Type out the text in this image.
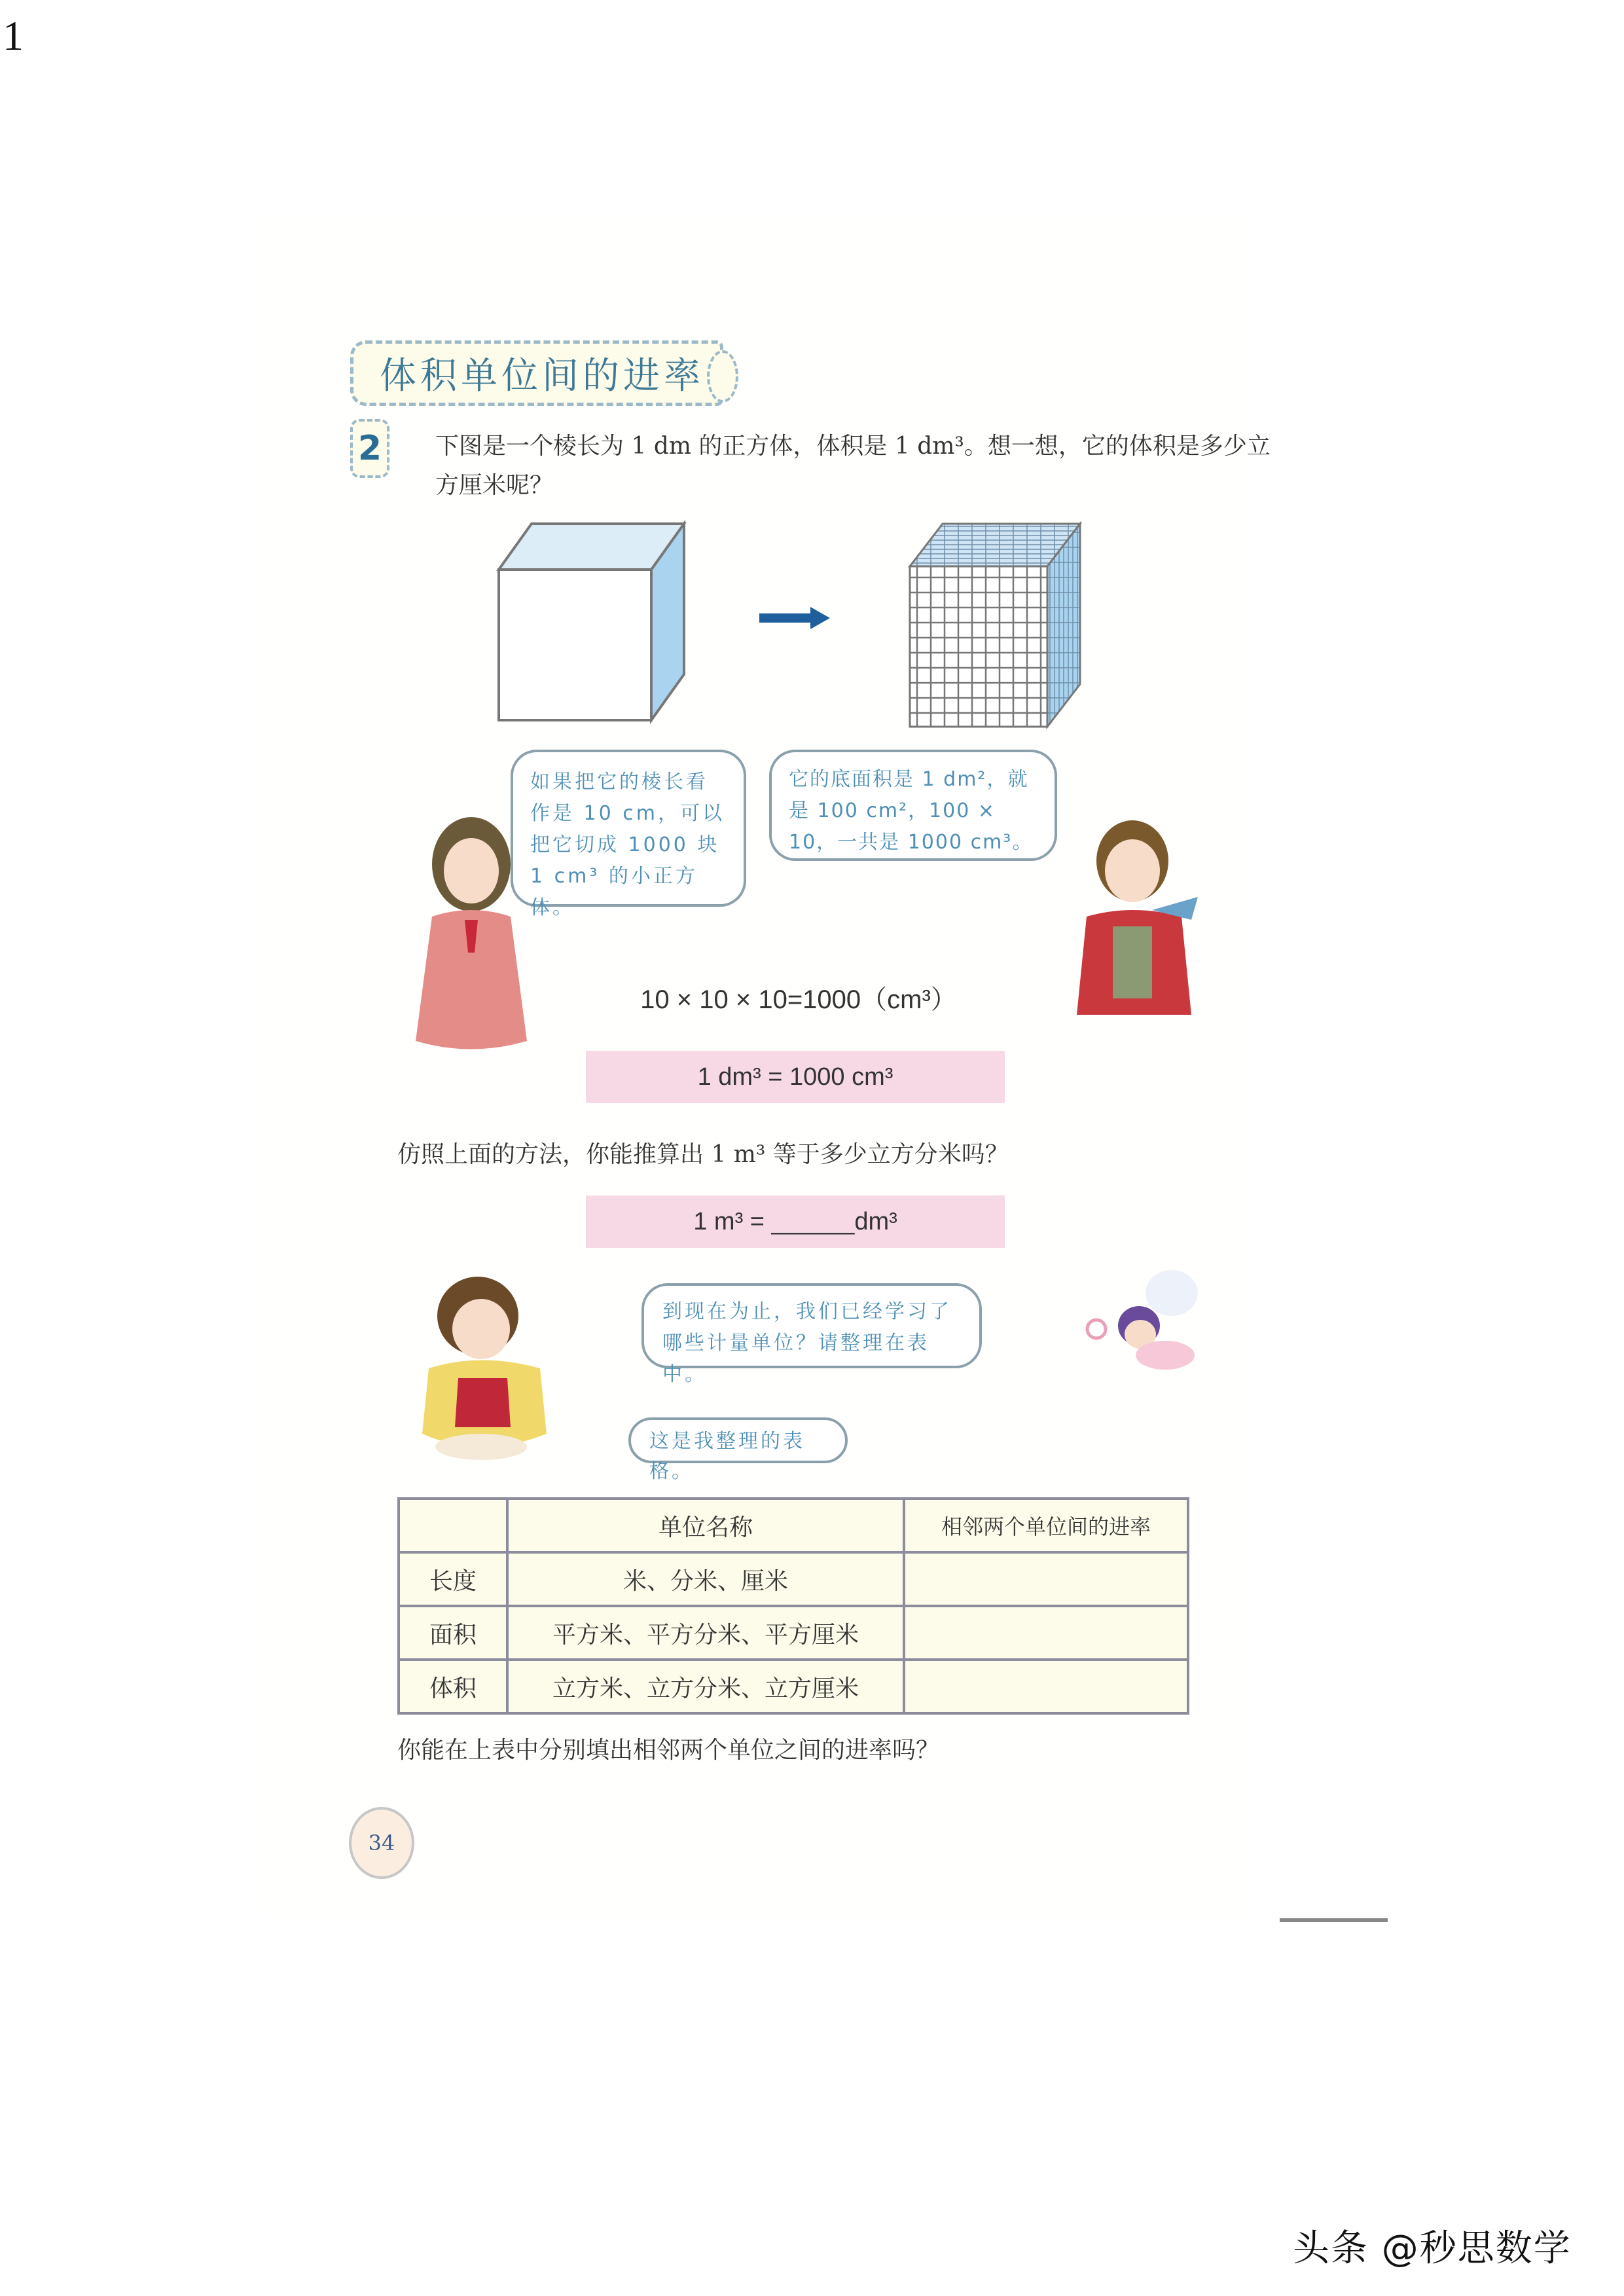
1
体积单位间的进率
2	下图是一个棱长为 1 dm 的正方体，体积是 1 dm³。想一想，它的体积是多少立方厘米呢？
如果把它的棱长看作是 10 cm，可以把它切成 1000 块 1 cm³ 的小正方体。
它的底面积是 1 dm²，就是 100 cm²，100 × 10，一共是 1000 cm³。
10 × 10 × 10=1000（cm³）
1 dm³ = 1000 cm³
仿照上面的方法，你能推算出 1 m³ 等于多少立方分米吗？
1 m³ = ______dm³
到现在为止，我们已经学习了哪些计量单位？请整理在表中。
这是我整理的表格。
	单位名称	相邻两个单位间的进率
长度	米、分米、厘米	
面积	平方米、平方分米、平方厘米	
体积	立方米、立方分米、立方厘米	
你能在上表中分别填出相邻两个单位之间的进率吗？
34
头条 @秒思数学
